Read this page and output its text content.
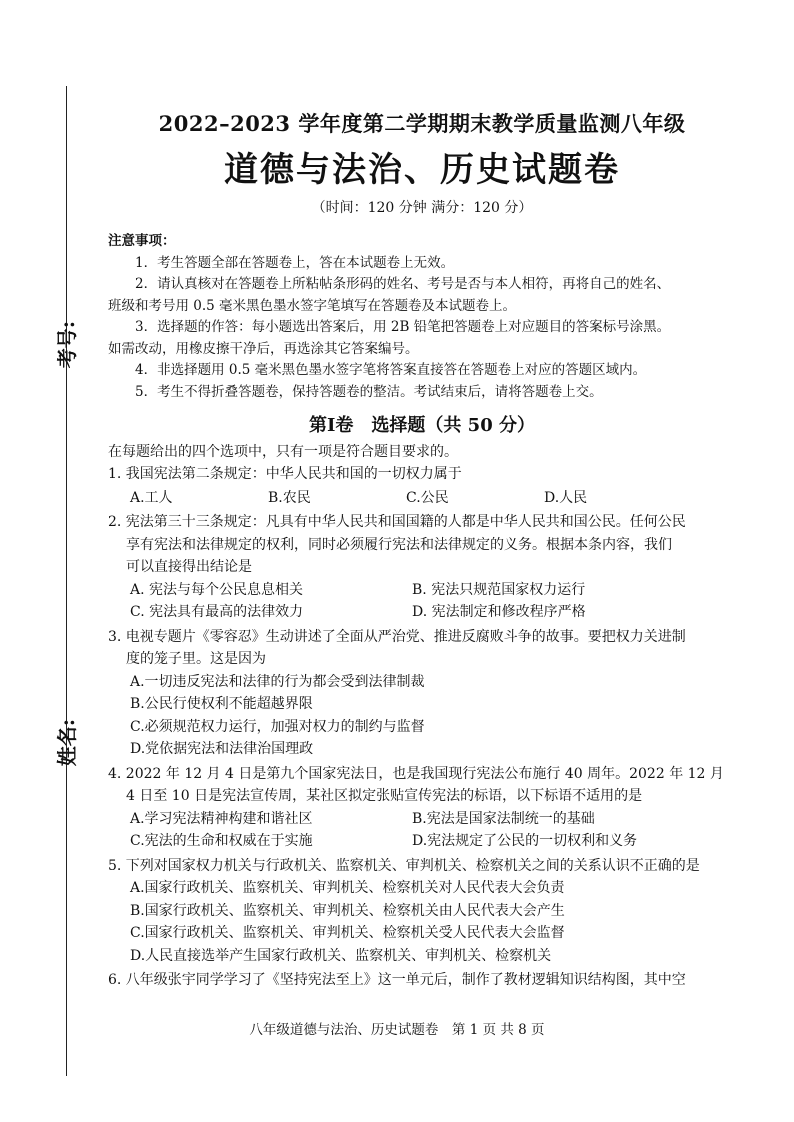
考号:
姓名:
2022–2023 学年度第二学期期末教学质量监测八年级
道德与法治、历史试题卷
（时间：120 分钟 满分：120 分）
注意事项：

1．考生答题全部在答题卷上，答在本试题卷上无效。

2．请认真核对在答题卷上所粘帖条形码的姓名、考号是否与本人相符，再将自己的姓名、

班级和考号用 0.5 毫米黑色墨水签字笔填写在答题卷及本试题卷上。

3．选择题的作答：每小题选出答案后，用 2B 铅笔把答题卷上对应题目的答案标号涂黑。

如需改动，用橡皮擦干净后，再选涂其它答案编号。

4．非选择题用 0.5 毫米黑色墨水签字笔将答案直接答在答题卷上对应的答题区域内。

5．考生不得折叠答题卷，保持答题卷的整洁。考试结束后，请将答题卷上交。

第Ⅰ卷　选择题（共 50 分）
在每题给出的四个选项中，只有一项是符合题目要求的。

1. 我国宪法第二条规定：中华人民共和国的一切权力属于

A.工人	B.农民	C.公民	D.人民

2. 宪法第三十三条规定：凡具有中华人民共和国国籍的人都是中华人民共和国公民。任何公民

享有宪法和法律规定的权利，同时必须履行宪法和法律规定的义务。根据本条内容，我们

可以直接得出结论是

A. 宪法与每个公民息息相关	B. 宪法只规范国家权力运行
C. 宪法具有最高的法律效力	D. 宪法制定和修改程序严格

3. 电视专题片《零容忍》生动讲述了全面从严治党、推进反腐败斗争的故事。要把权力关进制

度的笼子里。这是因为

A.一切违反宪法和法律的行为都会受到法律制裁
B.公民行使权利不能超越界限
C.必须规范权力运行，加强对权力的制约与监督
D.党依据宪法和法律治国理政

4. 2022 年 12 月 4 日是第九个国家宪法日，也是我国现行宪法公布施行 40 周年。2022 年 12 月

4 日至 10 日是宪法宣传周，某社区拟定张贴宣传宪法的标语，以下标语不适用的是

A.学习宪法精神构建和谐社区	B.宪法是国家法制统一的基础
C.宪法的生命和权威在于实施	D.宪法规定了公民的一切权利和义务

5. 下列对国家权力机关与行政机关、监察机关、审判机关、检察机关之间的关系认识不正确的是

A.国家行政机关、监察机关、审判机关、检察机关对人民代表大会负责
B.国家行政机关、监察机关、审判机关、检察机关由人民代表大会产生
C.国家行政机关、监察机关、审判机关、检察机关受人民代表大会监督
D.人民直接选举产生国家行政机关、监察机关、审判机关、检察机关

6. 八年级张宇同学学习了《坚持宪法至上》这一单元后，制作了教材逻辑知识结构图，其中空

八年级道德与法治、历史试题卷　第 1 页 共 8 页
